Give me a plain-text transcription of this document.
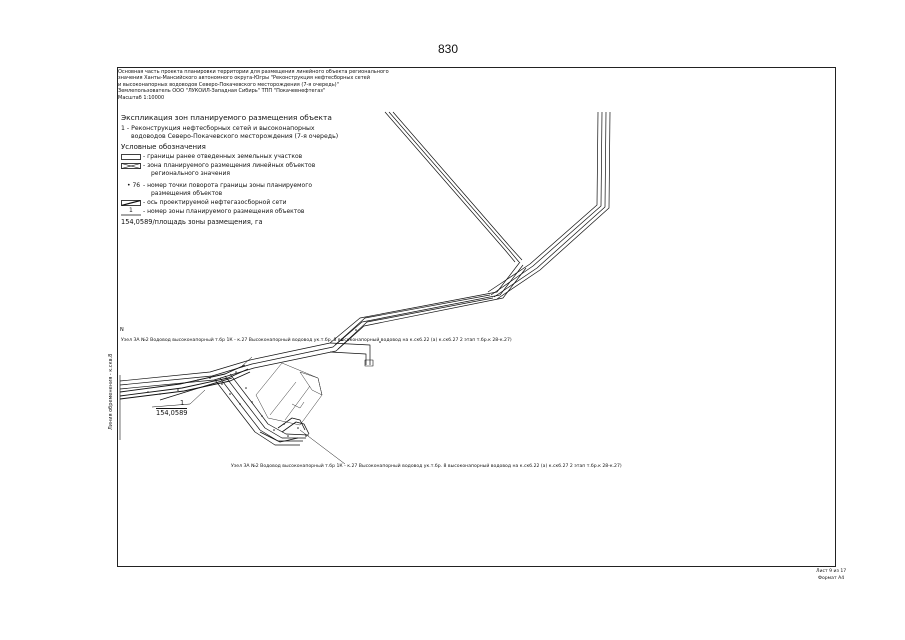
830
Основная часть проекта планировки территории для размещения линейного объекта регионального
значения Ханты-Мансийского автономного округа-Югры "Реконструкция нефтесборных сетей
и высоконапорных водоводов Северо-Покачевского месторождения (7-я очередь)"
Землепользователь ООО "ЛУКОЙЛ-Западная Сибирь" ТПП "Покачевнефтегаз"
Масштаб 1:10000
Экспликация зон планируемого размещения объекта
1 - Реконструкция нефтесборных сетей и высоконапорных
водоводов Северо-Покачевского месторождения (7-я очередь)
Условные обозначения
- границы ранее отведенных земельных участков
- зона планируемого размещения линейных объектов
регионального значения
• 76 - номер точки поворота границы зоны планируемого
размещения объектов
- ось проектируемой нефтегазосборной сети
1 - номер зоны планируемого размещения объектов
154,0589/площадь зоны размещения, га
N
Узел ЗА №2 Водовод высоконапорный т.бр 1К - к.27 Высоконапорный водовод ук.т.бр. 8 высоконапорный водовод на к.скб.22 (а) к.скб.27 2 этап т.бр.к 28-к.27)
Узел ЗА №2 Водовод высоконапорный т.бр 1К - к.27 Высоконапорный водовод ук.т.бр. 8 высоконапорный водовод на к.скб.22 (а) к.скб.27 2 этап т.бр.к 28-к.27)
1
154,0589
Линия обременения - к.скв.8
Лист 9 из 17
Формат А4
